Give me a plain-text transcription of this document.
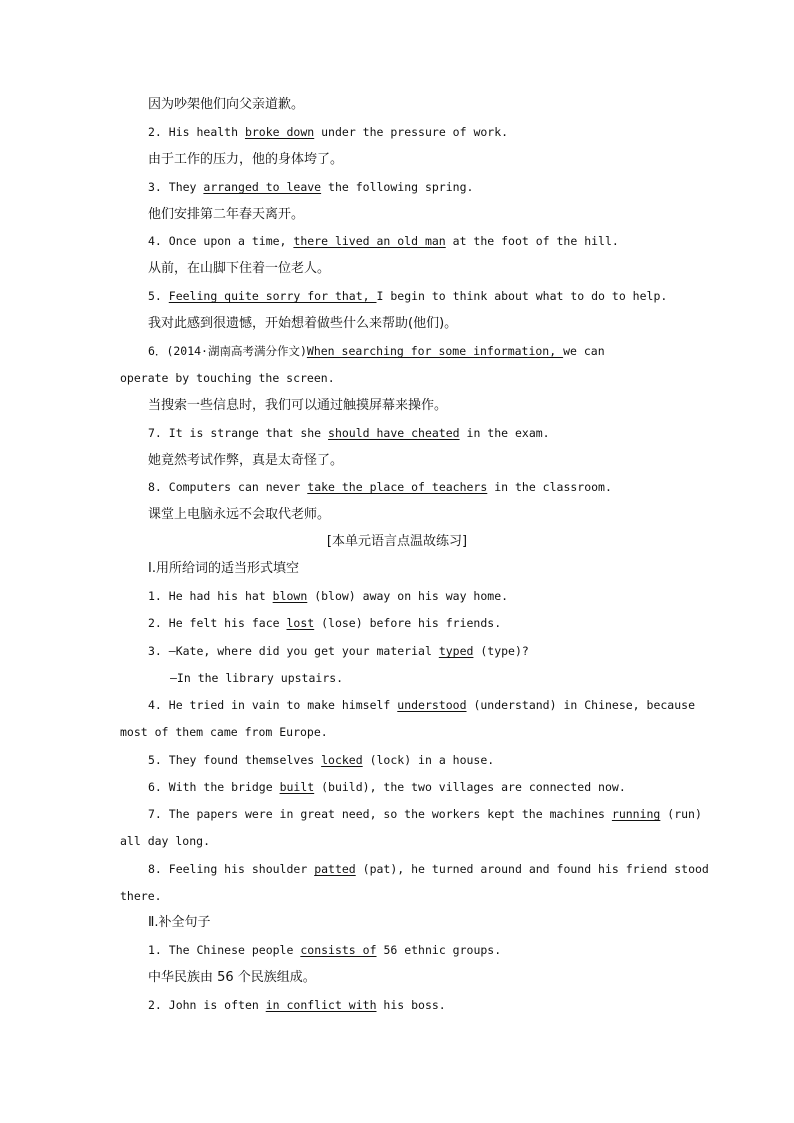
因为吵架他们向父亲道歉。
2. His health broke down under the pressure of work.
由于工作的压力，他的身体垮了。
3. They arranged to leave the following spring.
他们安排第二年春天离开。
4. Once upon a time, there lived an old man at the foot of the hill.
从前，在山脚下住着一位老人。
5. Feeling quite sorry for that, I begin to think about what to do to help.
我对此感到很遗憾，开始想着做些什么来帮助(他们)。
6．(2014·湖南高考满分作文)When searching for some information, we can
operate by touching the screen.
当搜索一些信息时，我们可以通过触摸屏幕来操作。
7. It is strange that she should have cheated in the exam.
她竟然考试作弊，真是太奇怪了。
8. Computers can never take the place of teachers in the classroom.
课堂上电脑永远不会取代老师。
[本单元语言点温故练习]
Ⅰ.用所给词的适当形式填空
1. He had his hat blown (blow) away on his way home.
2. He felt his face lost (lose) before his friends.
3. —Kate, where did you get your material typed (type)?
—In the library upstairs.
4. He tried in vain to make himself understood (understand) in Chinese, because
most of them came from Europe.
5. They found themselves locked (lock) in a house.
6. With the bridge built (build), the two villages are connected now.
7. The papers were in great need, so the workers kept the machines running (run)
all day long.
8. Feeling his shoulder patted (pat), he turned around and found his friend stood
there.
Ⅱ.补全句子
1. The Chinese people consists of 56 ethnic groups.
中华民族由 56 个民族组成。
2. John is often in conflict with his boss.
